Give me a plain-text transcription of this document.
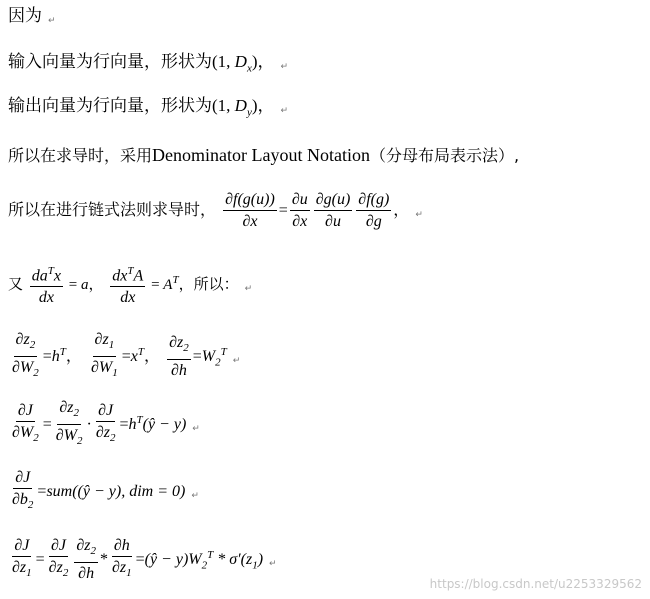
因为 ↵
输入向量为行向量，形状为(1, $D_x$)， ↵
输出向量为行向量，形状为(1, $D_y$)， ↵
所以在求导时，采用Denominator Layout Notation（分母布局表示法）,
所以在进行链式法则求导时， $\frac{\partial f(g(u))}{\partial x} = \frac{\partial u}{\partial x} \frac{\partial g(u)}{\partial u} \frac{\partial f(g)}{\partial g}$ ， ↵
又 $\frac{da^Tx}{dx} = a$， $\frac{dx^TA}{dx} = A^T$，所以： ↵
$\frac{\partial z_2}{\partial W_2} =h^T$， $\frac{\partial z_1}{\partial W_1} =x^T$， $\frac{\partial z_2}{\partial h}$ $=W_2^T↵$
$\frac{\partial J}{\partial W_2} = \frac{\partial z_2}{\partial W_2} \cdot \frac{\partial J}{\partial z_2}$ $=h^T(ŷ - y)$ ↵
$\frac{\partial J}{\partial b_2}$ =sum((ŷ − y), dim = 0) ↵
$\frac{\partial J}{\partial z_1} = \frac{\partial J}{\partial z_2} \frac{\partial z_2}{\partial h} * \frac{\partial h}{\partial z_1}$ =(ŷ − $y)W_2^T * \sigma'(z_1)$ ↵
https://blog.csdn.net/u2253329562
